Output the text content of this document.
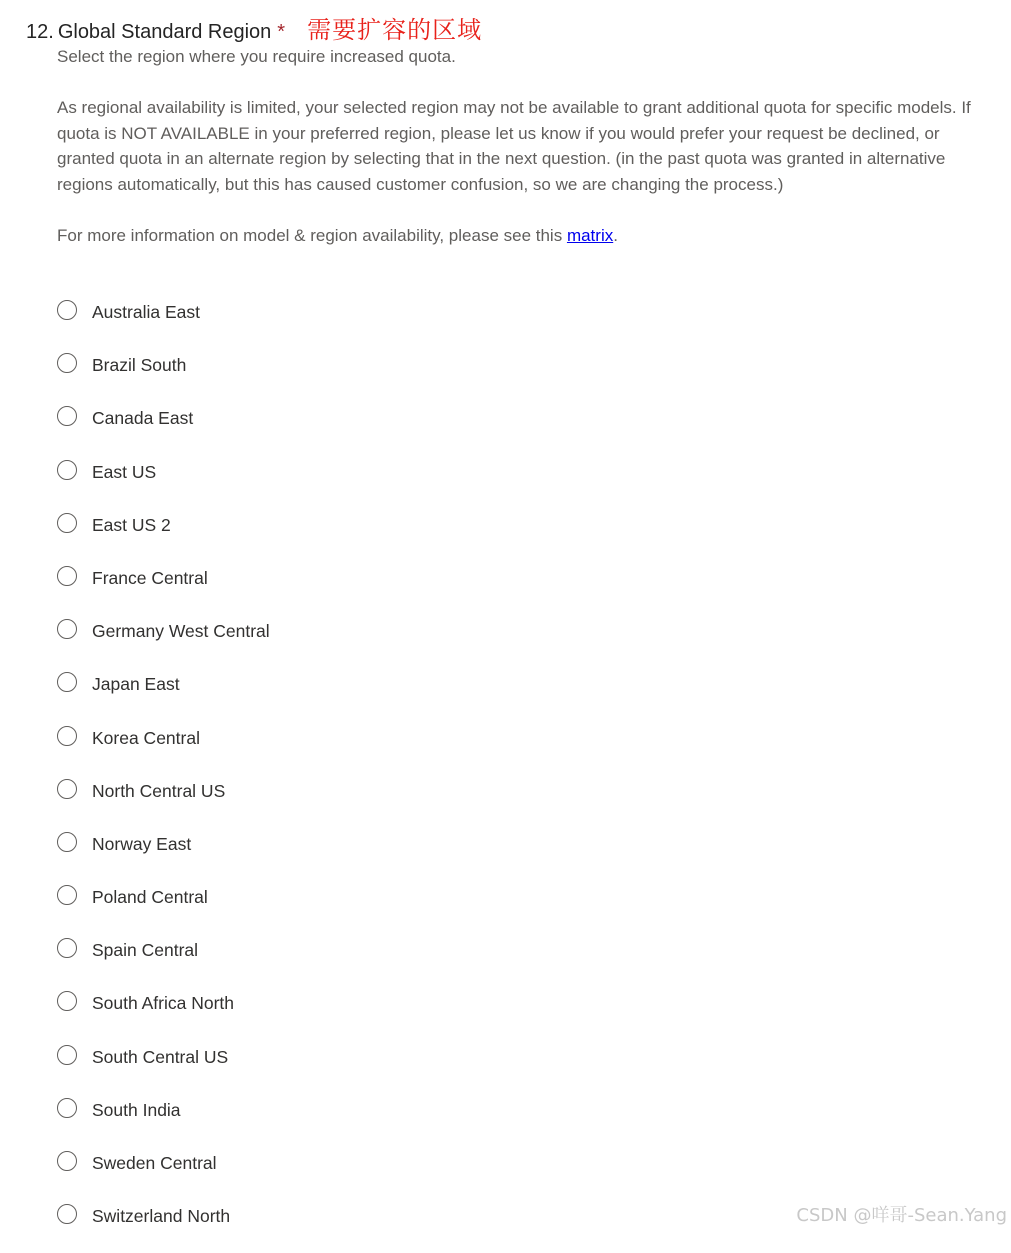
12. Global Standard Region * 需要扩容的区域

Select the region where you require increased quota.

As regional availability is limited, your selected region may not be available to grant additional quota for specific models. If quota is NOT AVAILABLE in your preferred region, please let us know if you would prefer your request be declined, or granted quota in an alternate region by selecting that in the next question. (in the past quota was granted in alternative regions automatically, but this has caused customer confusion, so we are changing the process.)

For more information on model & region availability, please see this matrix.

Australia East
Brazil South
Canada East
East US
East US 2
France Central
Germany West Central
Japan East
Korea Central
North Central US
Norway East
Poland Central
Spain Central
South Africa North
South Central US
South India
Sweden Central
Switzerland North	CSDN @咩哥-Sean.Yang
